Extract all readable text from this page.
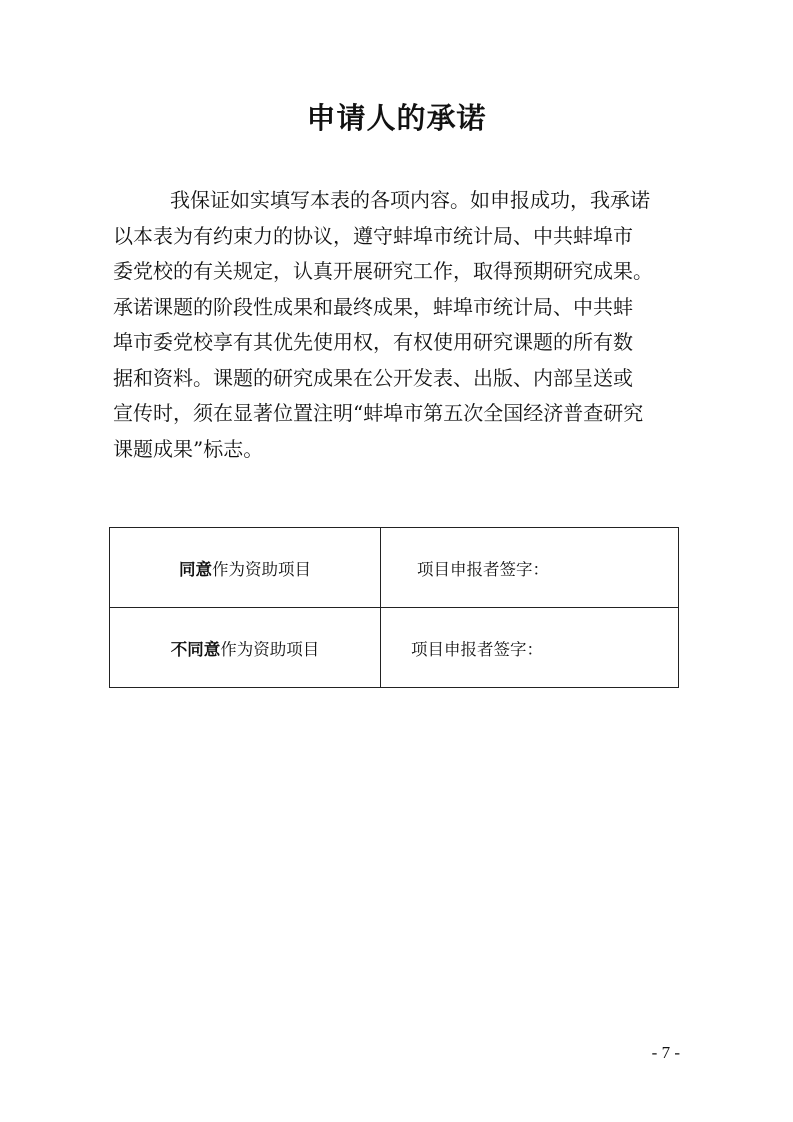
申请人的承诺
我保证如实填写本表的各项内容。如申报成功，我承诺
以本表为有约束力的协议，遵守蚌埠市统计局、中共蚌埠市
委党校的有关规定，认真开展研究工作，取得预期研究成果。
承诺课题的阶段性成果和最终成果，蚌埠市统计局、中共蚌
埠市委党校享有其优先使用权，有权使用研究课题的所有数
据和资料。课题的研究成果在公开发表、出版、内部呈送或
宣传时，须在显著位置注明“蚌埠市第五次全国经济普查研究
课题成果”标志。
同意作为资助项目	项目申报者签字：
不同意作为资助项目	项目申报者签字：
- 7 -
